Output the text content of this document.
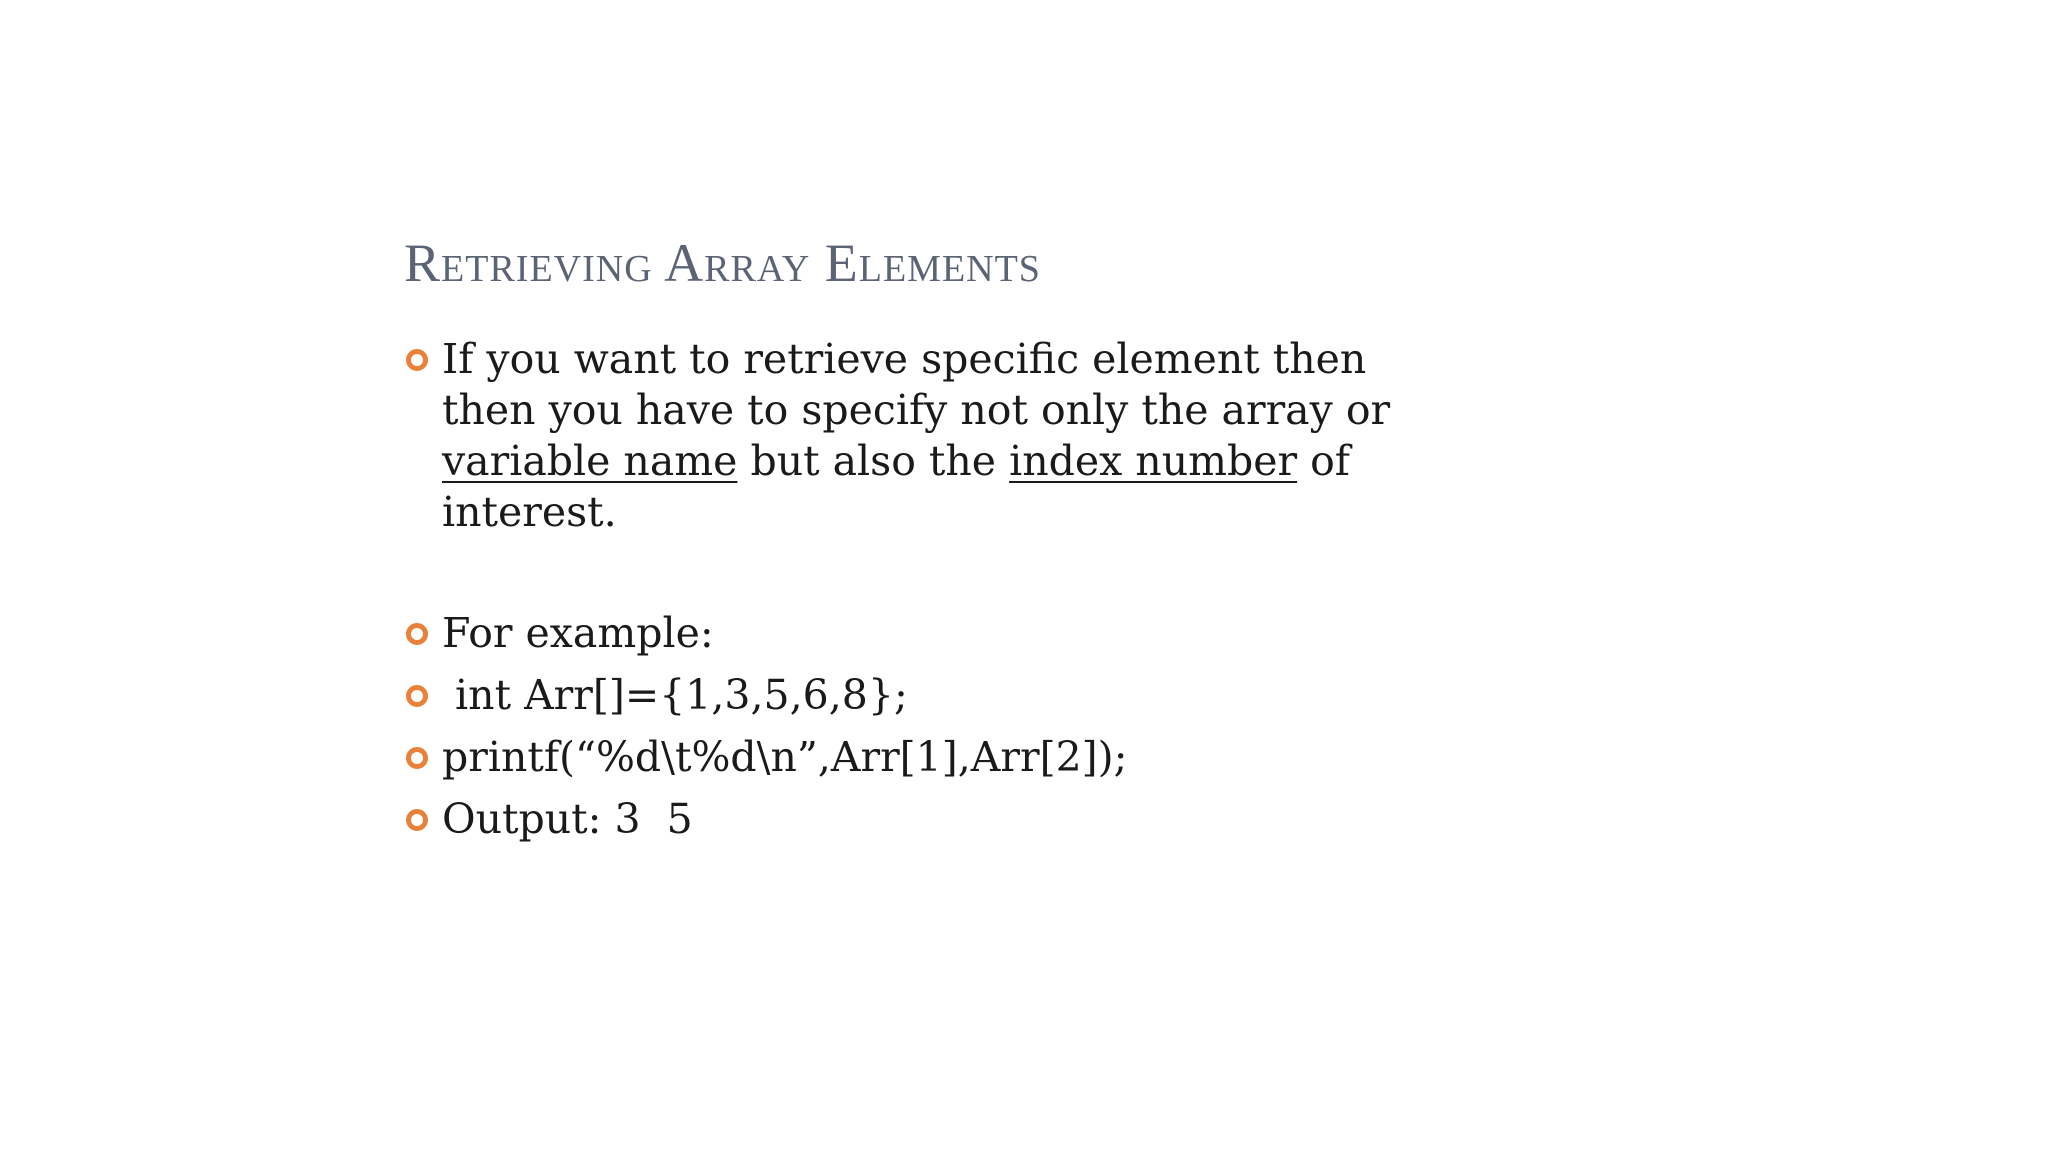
Retrieving Array Elements
If you want to retrieve specific element then then you have to specify not only the array or variable name but also the index number of interest.
For example:
int Arr[]={1,3,5,6,8};
printf(“%d\t%d\n”,Arr[1],Arr[2]);
Output: 3  5
